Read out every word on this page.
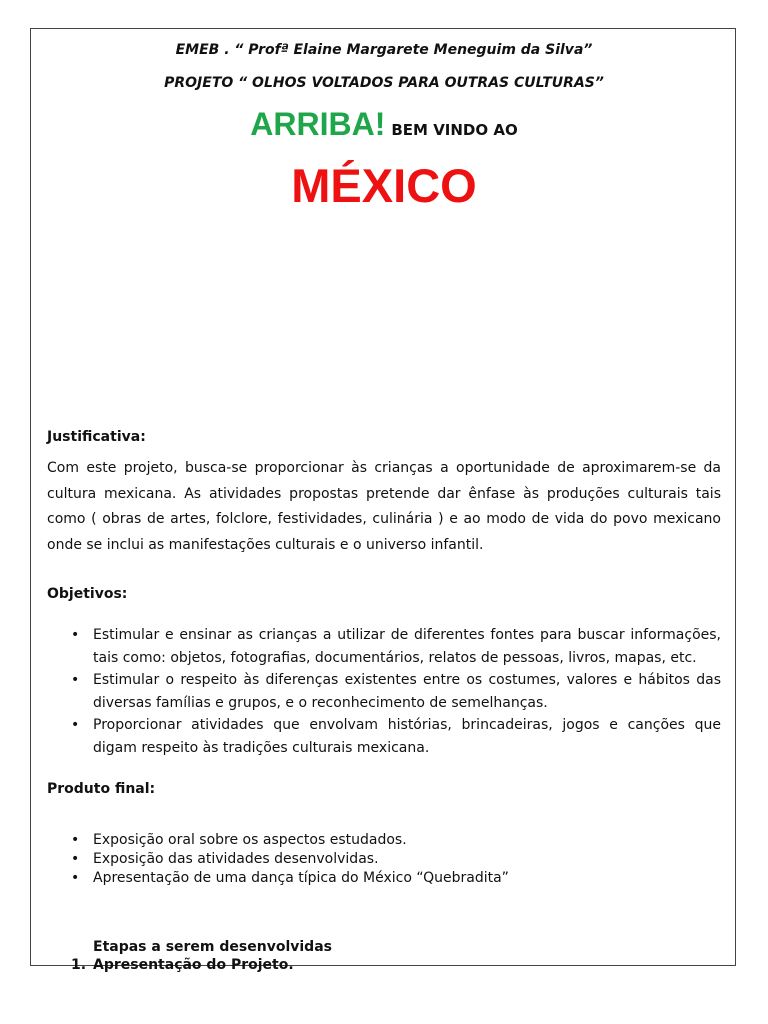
EMEB . “ Profª Elaine Margarete Meneguim da Silva”
PROJETO “ OLHOS VOLTADOS PARA OUTRAS CULTURAS”
ARRIBA! BEM VINDO AO
MÉXICO
Justificativa:
Com este projeto, busca-se proporcionar às crianças a oportunidade de aproximarem-se da cultura mexicana. As atividades propostas pretende dar ênfase às produções culturais tais como ( obras de artes, folclore, festividades, culinária ) e ao modo de vida do povo mexicano onde se inclui as manifestações culturais e o universo infantil.
Objetivos:
• Estimular e ensinar as crianças a utilizar de diferentes fontes para buscar informações, tais como: objetos, fotografias, documentários, relatos de pessoas, livros, mapas, etc.
• Estimular o respeito às diferenças existentes entre os costumes, valores e hábitos das diversas famílias e grupos, e o reconhecimento de semelhanças.
• Proporcionar atividades que envolvam histórias, brincadeiras, jogos e canções que digam respeito às tradições culturais mexicana.
Produto final:
• Exposição oral sobre os aspectos estudados.
• Exposição das atividades desenvolvidas.
• Apresentação de uma dança típica do México “Quebradita”
Etapas a serem desenvolvidas
1. Apresentação do Projeto.
